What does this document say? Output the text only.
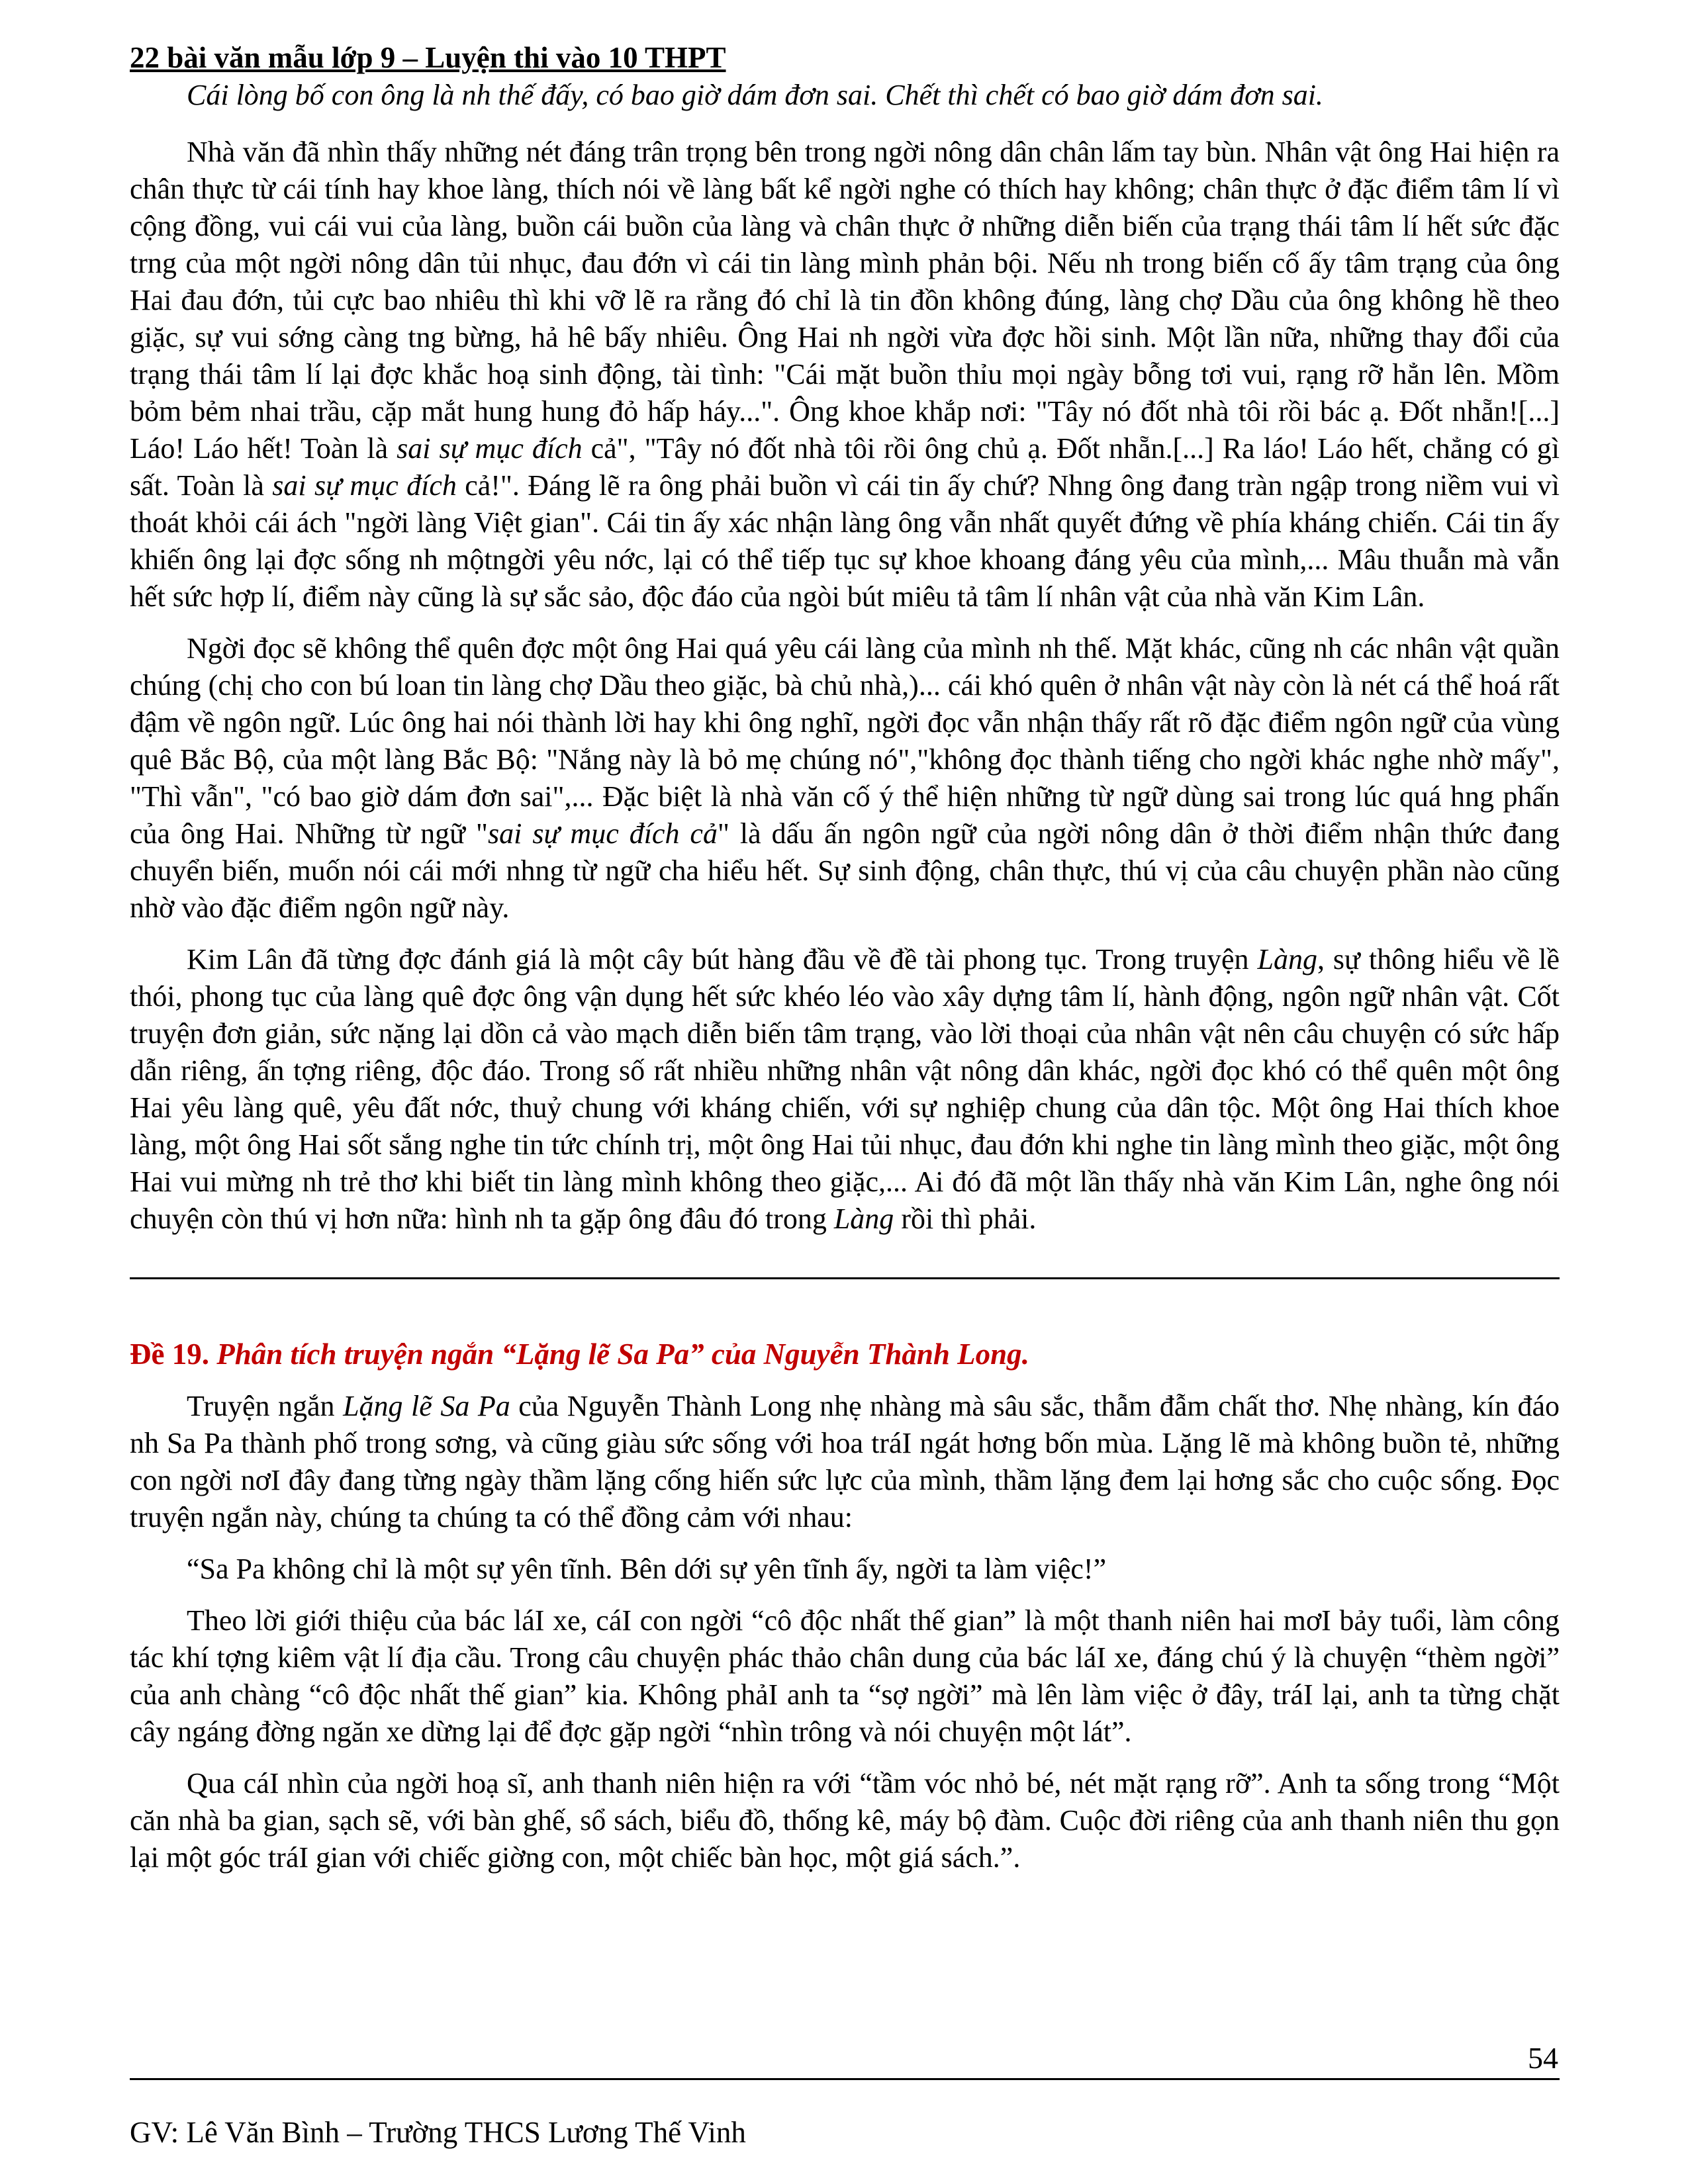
22 bài văn mẫu lớp 9 – Luyện thi vào 10 THPT

Cái lòng bố con ông là nh thế đấy, có bao giờ dám đơn sai. Chết thì chết có bao giờ dám đơn sai.

Nhà văn đã nhìn thấy những nét đáng trân trọng bên trong ngời nông dân chân lấm tay bùn. Nhân vật ông Hai hiện ra chân thực từ cái tính hay khoe làng, thích nói về làng bất kể ngời nghe có thích hay không; chân thực ở đặc điểm tâm lí vì cộng đồng, vui cái vui của làng, buồn cái buồn của làng và chân thực ở những diễn biến của trạng thái tâm lí hết sức đặc trng của một ngời nông dân tủi nhục, đau đớn vì cái tin làng mình phản bội. Nếu nh trong biến cố ấy tâm trạng của ông Hai đau đớn, tủi cực bao nhiêu thì khi vỡ lẽ ra rằng đó chỉ là tin đồn không đúng, làng chợ Dầu của ông không hề theo giặc, sự vui sớng càng tng bừng, hả hê bấy nhiêu. Ông Hai nh ngời vừa đợc hồi sinh. Một lần nữa, những thay đổi của trạng thái tâm lí lại đợc khắc hoạ sinh động, tài tình: "Cái mặt buồn thỉu mọi ngày bỗng tơi vui, rạng rỡ hẳn lên. Mồm bỏm bẻm nhai trầu, cặp mắt hung hung đỏ hấp háy...". Ông khoe khắp nơi: "Tây nó đốt nhà tôi rồi bác ạ. Đốt nhẵn![...] Láo! Láo hết! Toàn là sai sự mục đích cả", "Tây nó đốt nhà tôi rồi ông chủ ạ. Đốt nhẵn.[...] Ra láo! Láo hết, chẳng có gì sất. Toàn là sai sự mục đích cả!". Đáng lẽ ra ông phải buồn vì cái tin ấy chứ? Nhng ông đang tràn ngập trong niềm vui vì thoát khỏi cái ách "ngời làng Việt gian". Cái tin ấy xác nhận làng ông vẫn nhất quyết đứng về phía kháng chiến. Cái tin ấy khiến ông lại đợc sống nh mộtngời yêu nớc, lại có thể tiếp tục sự khoe khoang đáng yêu của mình,... Mâu thuẫn mà vẫn hết sức hợp lí, điểm này cũng là sự sắc sảo, độc đáo của ngòi bút miêu tả tâm lí nhân vật của nhà văn Kim Lân.

Ngời đọc sẽ không thể quên đợc một ông Hai quá yêu cái làng của mình nh thế. Mặt khác, cũng nh các nhân vật quần chúng (chị cho con bú loan tin làng chợ Dầu theo giặc, bà chủ nhà,)... cái khó quên ở nhân vật này còn là nét cá thể hoá rất đậm về ngôn ngữ. Lúc ông hai nói thành lời hay khi ông nghĩ, ngời đọc vẫn nhận thấy rất rõ đặc điểm ngôn ngữ của vùng quê Bắc Bộ, của một làng Bắc Bộ: "Nắng này là bỏ mẹ chúng nó","không đọc thành tiếng cho ngời khác nghe nhờ mấy", "Thì vẫn", "có bao giờ dám đơn sai",... Đặc biệt là nhà văn cố ý thể hiện những từ ngữ dùng sai trong lúc quá hng phấn của ông Hai. Những từ ngữ "sai sự mục đích cả" là dấu ấn ngôn ngữ của ngời nông dân ở thời điểm nhận thức đang chuyển biến, muốn nói cái mới nhng từ ngữ cha hiểu hết. Sự sinh động, chân thực, thú vị của câu chuyện phần nào cũng nhờ vào đặc điểm ngôn ngữ này.

Kim Lân đã từng đợc đánh giá là một cây bút hàng đầu về đề tài phong tục. Trong truyện Làng, sự thông hiểu về lề thói, phong tục của làng quê đợc ông vận dụng hết sức khéo léo vào xây dựng tâm lí, hành động, ngôn ngữ nhân vật. Cốt truyện đơn giản, sức nặng lại dồn cả vào mạch diễn biến tâm trạng, vào lời thoại của nhân vật nên câu chuyện có sức hấp dẫn riêng, ấn tợng riêng, độc đáo. Trong số rất nhiều những nhân vật nông dân khác, ngời đọc khó có thể quên một ông Hai yêu làng quê, yêu đất nớc, thuỷ chung với kháng chiến, với sự nghiệp chung của dân tộc. Một ông Hai thích khoe làng, một ông Hai sốt sắng nghe tin tức chính trị, một ông Hai tủi nhục, đau đớn khi nghe tin làng mình theo giặc, một ông Hai vui mừng nh trẻ thơ khi biết tin làng mình không theo giặc,... Ai đó đã một lần thấy nhà văn Kim Lân, nghe ông nói chuyện còn thú vị hơn nữa: hình nh ta gặp ông đâu đó trong Làng rồi thì phải.

Đề 19. Phân tích truyện ngắn “Lặng lẽ Sa Pa” của Nguyễn Thành Long.

Truyện ngắn Lặng lẽ Sa Pa của Nguyễn Thành Long nhẹ nhàng mà sâu sắc, thẫm đẫm chất thơ. Nhẹ nhàng, kín đáo nh Sa Pa thành phố trong sơng, và cũng giàu sức sống với hoa tráI ngát hơng bốn mùa. Lặng lẽ mà không buồn tẻ, những con ngời nơI đây đang từng ngày thầm lặng cống hiến sức lực của mình, thầm lặng đem lại hơng sắc cho cuộc sống. Đọc truyện ngắn này, chúng ta chúng ta có thể đồng cảm với nhau:

“Sa Pa không chỉ là một sự yên tĩnh. Bên dới sự yên tĩnh ấy, ngời ta làm việc!”

Theo lời giới thiệu của bác láI xe, cáI con ngời “cô độc nhất thế gian” là một thanh niên hai mơI bảy tuổi, làm công tác khí tợng kiêm vật lí địa cầu. Trong câu chuyện phác thảo chân dung của bác láI xe, đáng chú ý là chuyện “thèm ngời” của anh chàng “cô độc nhất thế gian” kia. Không phảI anh ta “sợ ngời” mà lên làm việc ở đây, tráI lại, anh ta từng chặt cây ngáng đờng ngăn xe dừng lại để đợc gặp ngời “nhìn trông và nói chuyện một lát”.

Qua cáI nhìn của ngời hoạ sĩ, anh thanh niên hiện ra với “tầm vóc nhỏ bé, nét mặt rạng rỡ”. Anh ta sống trong “Một căn nhà ba gian, sạch sẽ, với bàn ghế, sổ sách, biểu đồ, thống kê, máy bộ đàm. Cuộc đời riêng của anh thanh niên thu gọn lại một góc tráI gian với chiếc giờng con, một chiếc bàn học, một giá sách.”.

54
GV: Lê Văn Bình – Trường THCS Lương Thế Vinh
